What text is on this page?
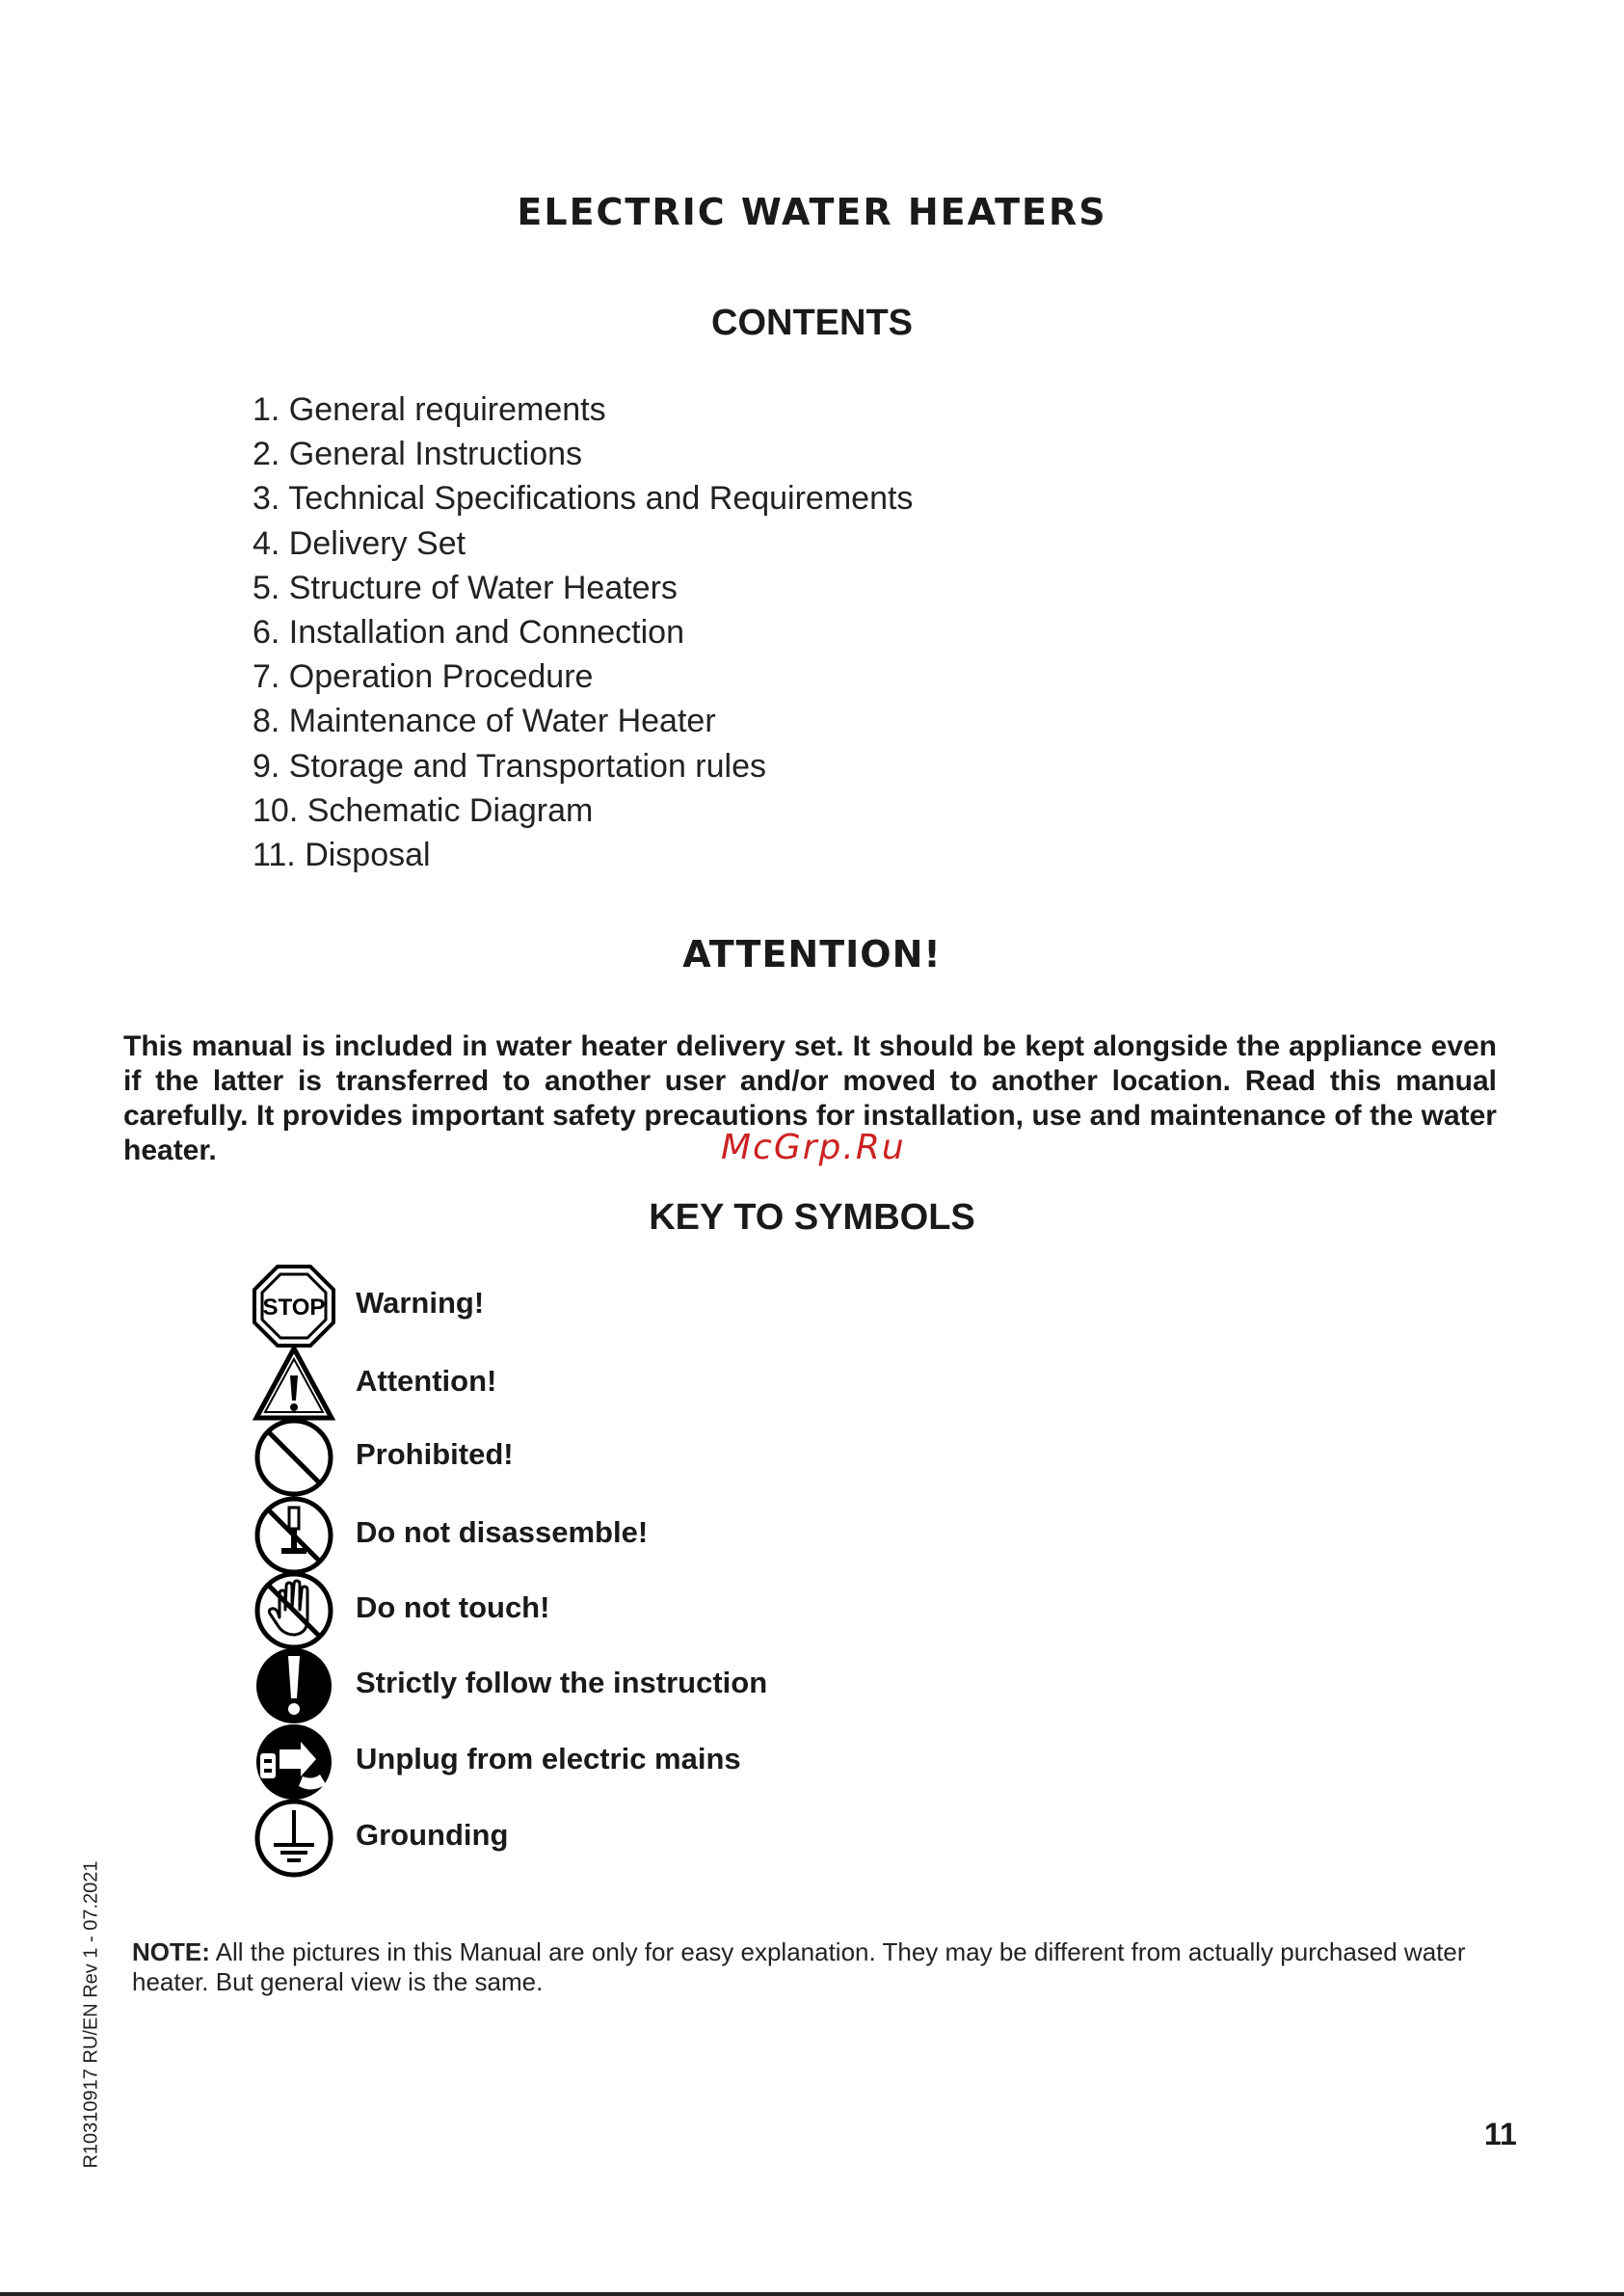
ELECTRIC WATER HEATERS
CONTENTS
1. General requirements
2. General Instructions
3. Technical Specifications and Requirements
4. Delivery Set
5. Structure of Water Heaters
6. Installation and Connection
7. Operation Procedure
8. Maintenance of Water Heater
9. Storage and Transportation rules
10. Schematic Diagram
11. Disposal
ATTENTION!
This manual is included in water heater delivery set. It should be kept alongside the appliance even if the latter is transferred to another user and/or moved to another location. Read this manual carefully. It provides important safety precautions for installation, use and maintenance of the water heater.	McGrp.Ru
KEY TO SYMBOLS
STOP Warning!
Attention!
Prohibited!
Do not disassemble!
Do not touch!
Strictly follow the instruction
Unplug from electric mains
Grounding
NOTE: All the pictures in this Manual are only for easy explanation. They may be different from actually purchased water heater. But general view is the same.
R10310917 RU/EN Rev 1 - 07.2021	11
